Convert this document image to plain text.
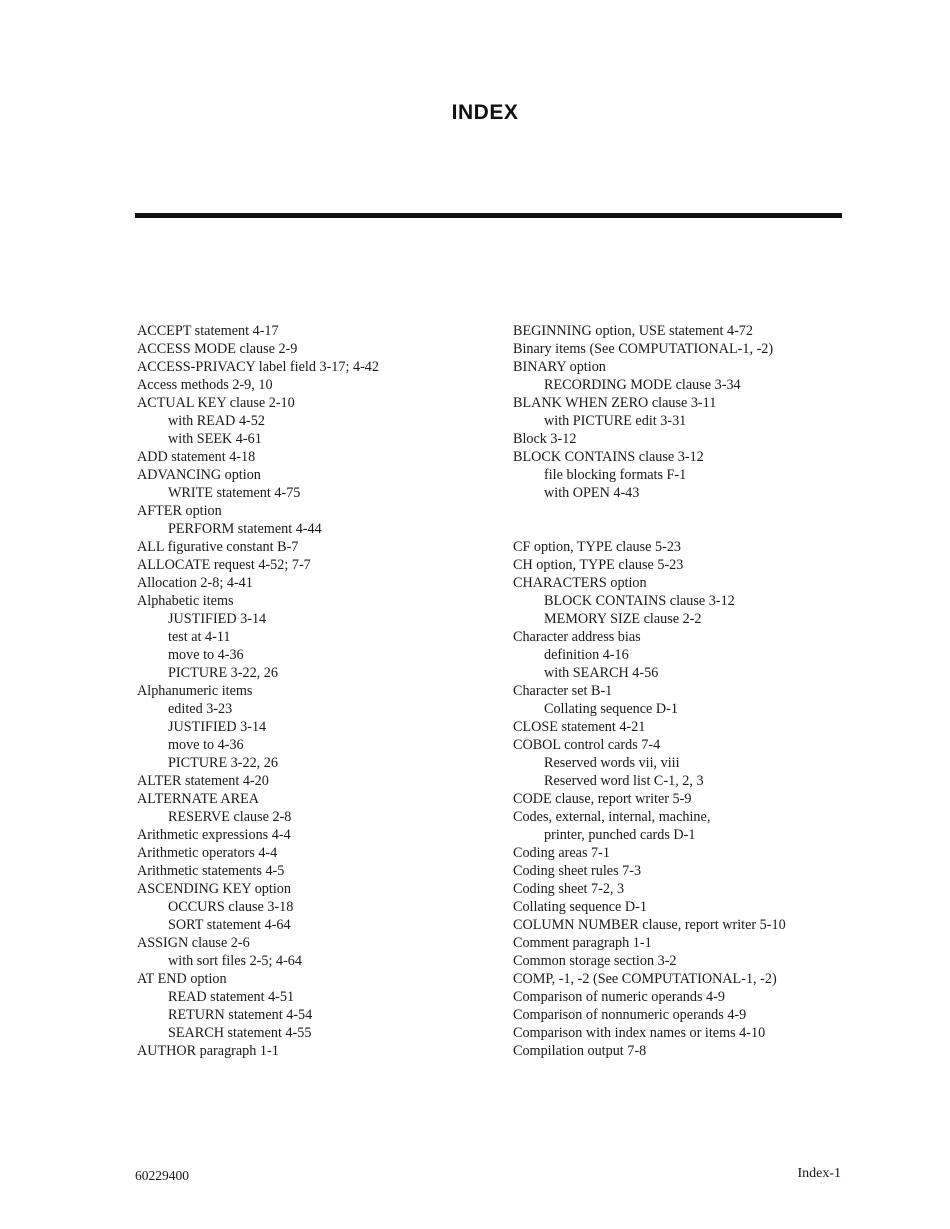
INDEX
ACCEPT statement 4-17
ACCESS MODE clause 2-9
ACCESS-PRIVACY label field 3-17; 4-42
Access methods 2-9, 10
ACTUAL KEY clause 2-10
with READ 4-52
with SEEK 4-61
ADD statement 4-18
ADVANCING option
WRITE statement 4-75
AFTER option
PERFORM statement 4-44
ALL figurative constant B-7
ALLOCATE request 4-52; 7-7
Allocation 2-8; 4-41
Alphabetic items
JUSTIFIED 3-14
test at 4-11
move to 4-36
PICTURE 3-22, 26
Alphanumeric items
edited 3-23
JUSTIFIED 3-14
move to 4-36
PICTURE 3-22, 26
ALTER statement 4-20
ALTERNATE AREA
RESERVE clause 2-8
Arithmetic expressions 4-4
Arithmetic operators 4-4
Arithmetic statements 4-5
ASCENDING KEY option
OCCURS clause 3-18
SORT statement 4-64
ASSIGN clause 2-6
with sort files 2-5; 4-64
AT END option
READ statement 4-51
RETURN statement 4-54
SEARCH statement 4-55
AUTHOR paragraph 1-1
BEGINNING option, USE statement 4-72
Binary items (See COMPUTATIONAL-1, -2)
BINARY option
RECORDING MODE clause 3-34
BLANK WHEN ZERO clause 3-11
with PICTURE edit 3-31
Block 3-12
BLOCK CONTAINS clause 3-12
file blocking formats F-1
with OPEN 4-43
CF option, TYPE clause 5-23
CH option, TYPE clause 5-23
CHARACTERS option
BLOCK CONTAINS clause 3-12
MEMORY SIZE clause 2-2
Character address bias
definition 4-16
with SEARCH 4-56
Character set B-1
Collating sequence D-1
CLOSE statement 4-21
COBOL control cards 7-4
Reserved words vii, viii
Reserved word list C-1, 2, 3
CODE clause, report writer 5-9
Codes, external, internal, machine,
printer, punched cards D-1
Coding areas 7-1
Coding sheet rules 7-3
Coding sheet 7-2, 3
Collating sequence D-1
COLUMN NUMBER clause, report writer 5-10
Comment paragraph 1-1
Common storage section 3-2
COMP, -1, -2 (See COMPUTATIONAL-1, -2)
Comparison of numeric operands 4-9
Comparison of nonnumeric operands 4-9
Comparison with index names or items 4-10
Compilation output 7-8
60229400	Index-1
